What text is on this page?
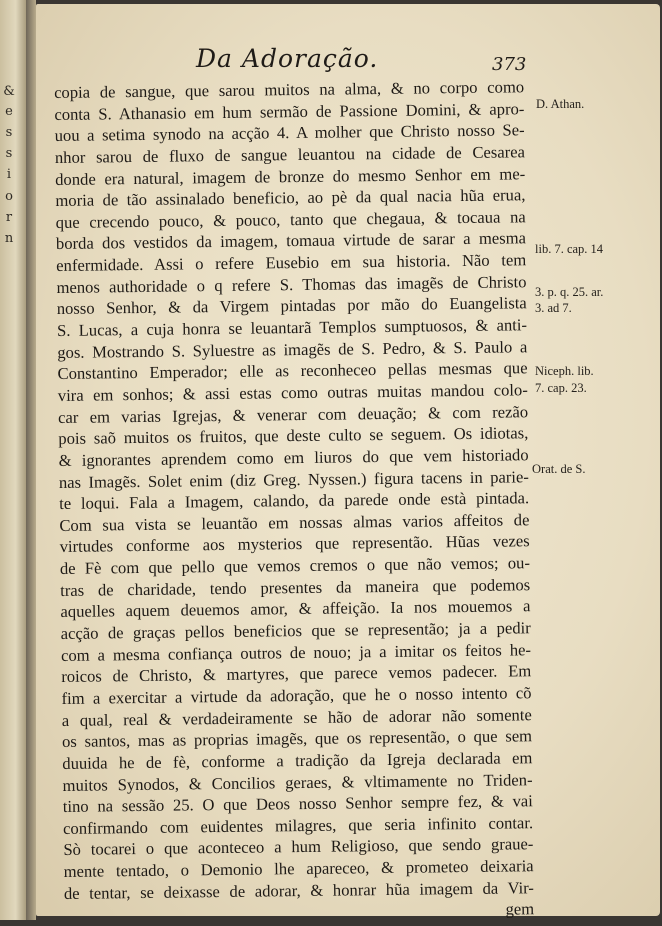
&
e
s
s
i
o
r
n
Da Adoração.	373
copia de sangue, que sarou muitos na alma, & no corpo como
conta S. Athanasio em hum sermão de Passione Domini, & apro-
uou a setima synodo na acção 4. A molher que Christo nosso Se-
nhor sarou de fluxo de sangue leuantou na cidade de Cesarea
donde era natural, imagem de bronze do mesmo Senhor em me-
moria de tão assinalado beneficio, ao pè da qual nacia hũa erua,
que crecendo pouco, & pouco, tanto que chegaua, & tocaua na
borda dos vestidos da imagem, tomaua virtude de sarar a mesma
enfermidade. Assi o refere Eusebio em sua historia. Não tem
menos authoridade o q refere S. Thomas das imagẽs de Christo
nosso Senhor, & da Virgem pintadas por mão do Euangelista
S. Lucas, a cuja honra se leuantarã Templos sumptuosos, & anti-
gos. Mostrando S. Syluestre as imagẽs de S. Pedro, & S. Paulo a
Constantino Emperador; elle as reconheceo pellas mesmas que
vira em sonhos; & assi estas como outras muitas mandou colo-
car em varias Igrejas, & venerar com deuação; & com rezão
pois saõ muitos os fruitos, que deste culto se seguem. Os idiotas,
& ignorantes aprendem como em liuros do que vem historiado
nas Imagẽs. Solet enim (diz Greg. Nyssen.) figura tacens in parie-
te loqui. Fala a Imagem, calando, da parede onde està pintada.
Com sua vista se leuantão em nossas almas varios affeitos de
virtudes conforme aos mysterios que representão. Hũas vezes
de Fè com que pello que vemos cremos o que não vemos; ou-
tras de charidade, tendo presentes da maneira que podemos
aquelles aquem deuemos amor, & affeição. Ia nos mouemos a
acção de graças pellos beneficios que se representão; ja a pedir
com a mesma confiança outros de nouo; ja a imitar os feitos he-
roicos de Christo, & martyres, que parece vemos padecer. Em
fim a exercitar a virtude da adoração, que he o nosso intento cõ
a qual, real & verdadeiramente se hão de adorar não somente
os santos, mas as proprias imagẽs, que os representão, o que sem
duuida he de fè, conforme a tradição da Igreja declarada em
muitos Synodos, & Concilios geraes, & vltimamente no Triden-
tino na sessão 25. O que Deos nosso Senhor sempre fez, & vai
confirmando com euidentes milagres, que seria infinito contar.
Sò tocarei o que aconteceo a hum Religioso, que sendo graue-
mente tentado, o Demonio lhe apareceo, & prometeo deixaria
de tentar, se deixasse de adorar, & honrar hũa imagem da Vir-
gem
D. Athan.
lib. 7. cap. 14
3. p. q. 25. ar.
3. ad 7.
Niceph. lib.
7. cap. 23.
Orat. de S.
